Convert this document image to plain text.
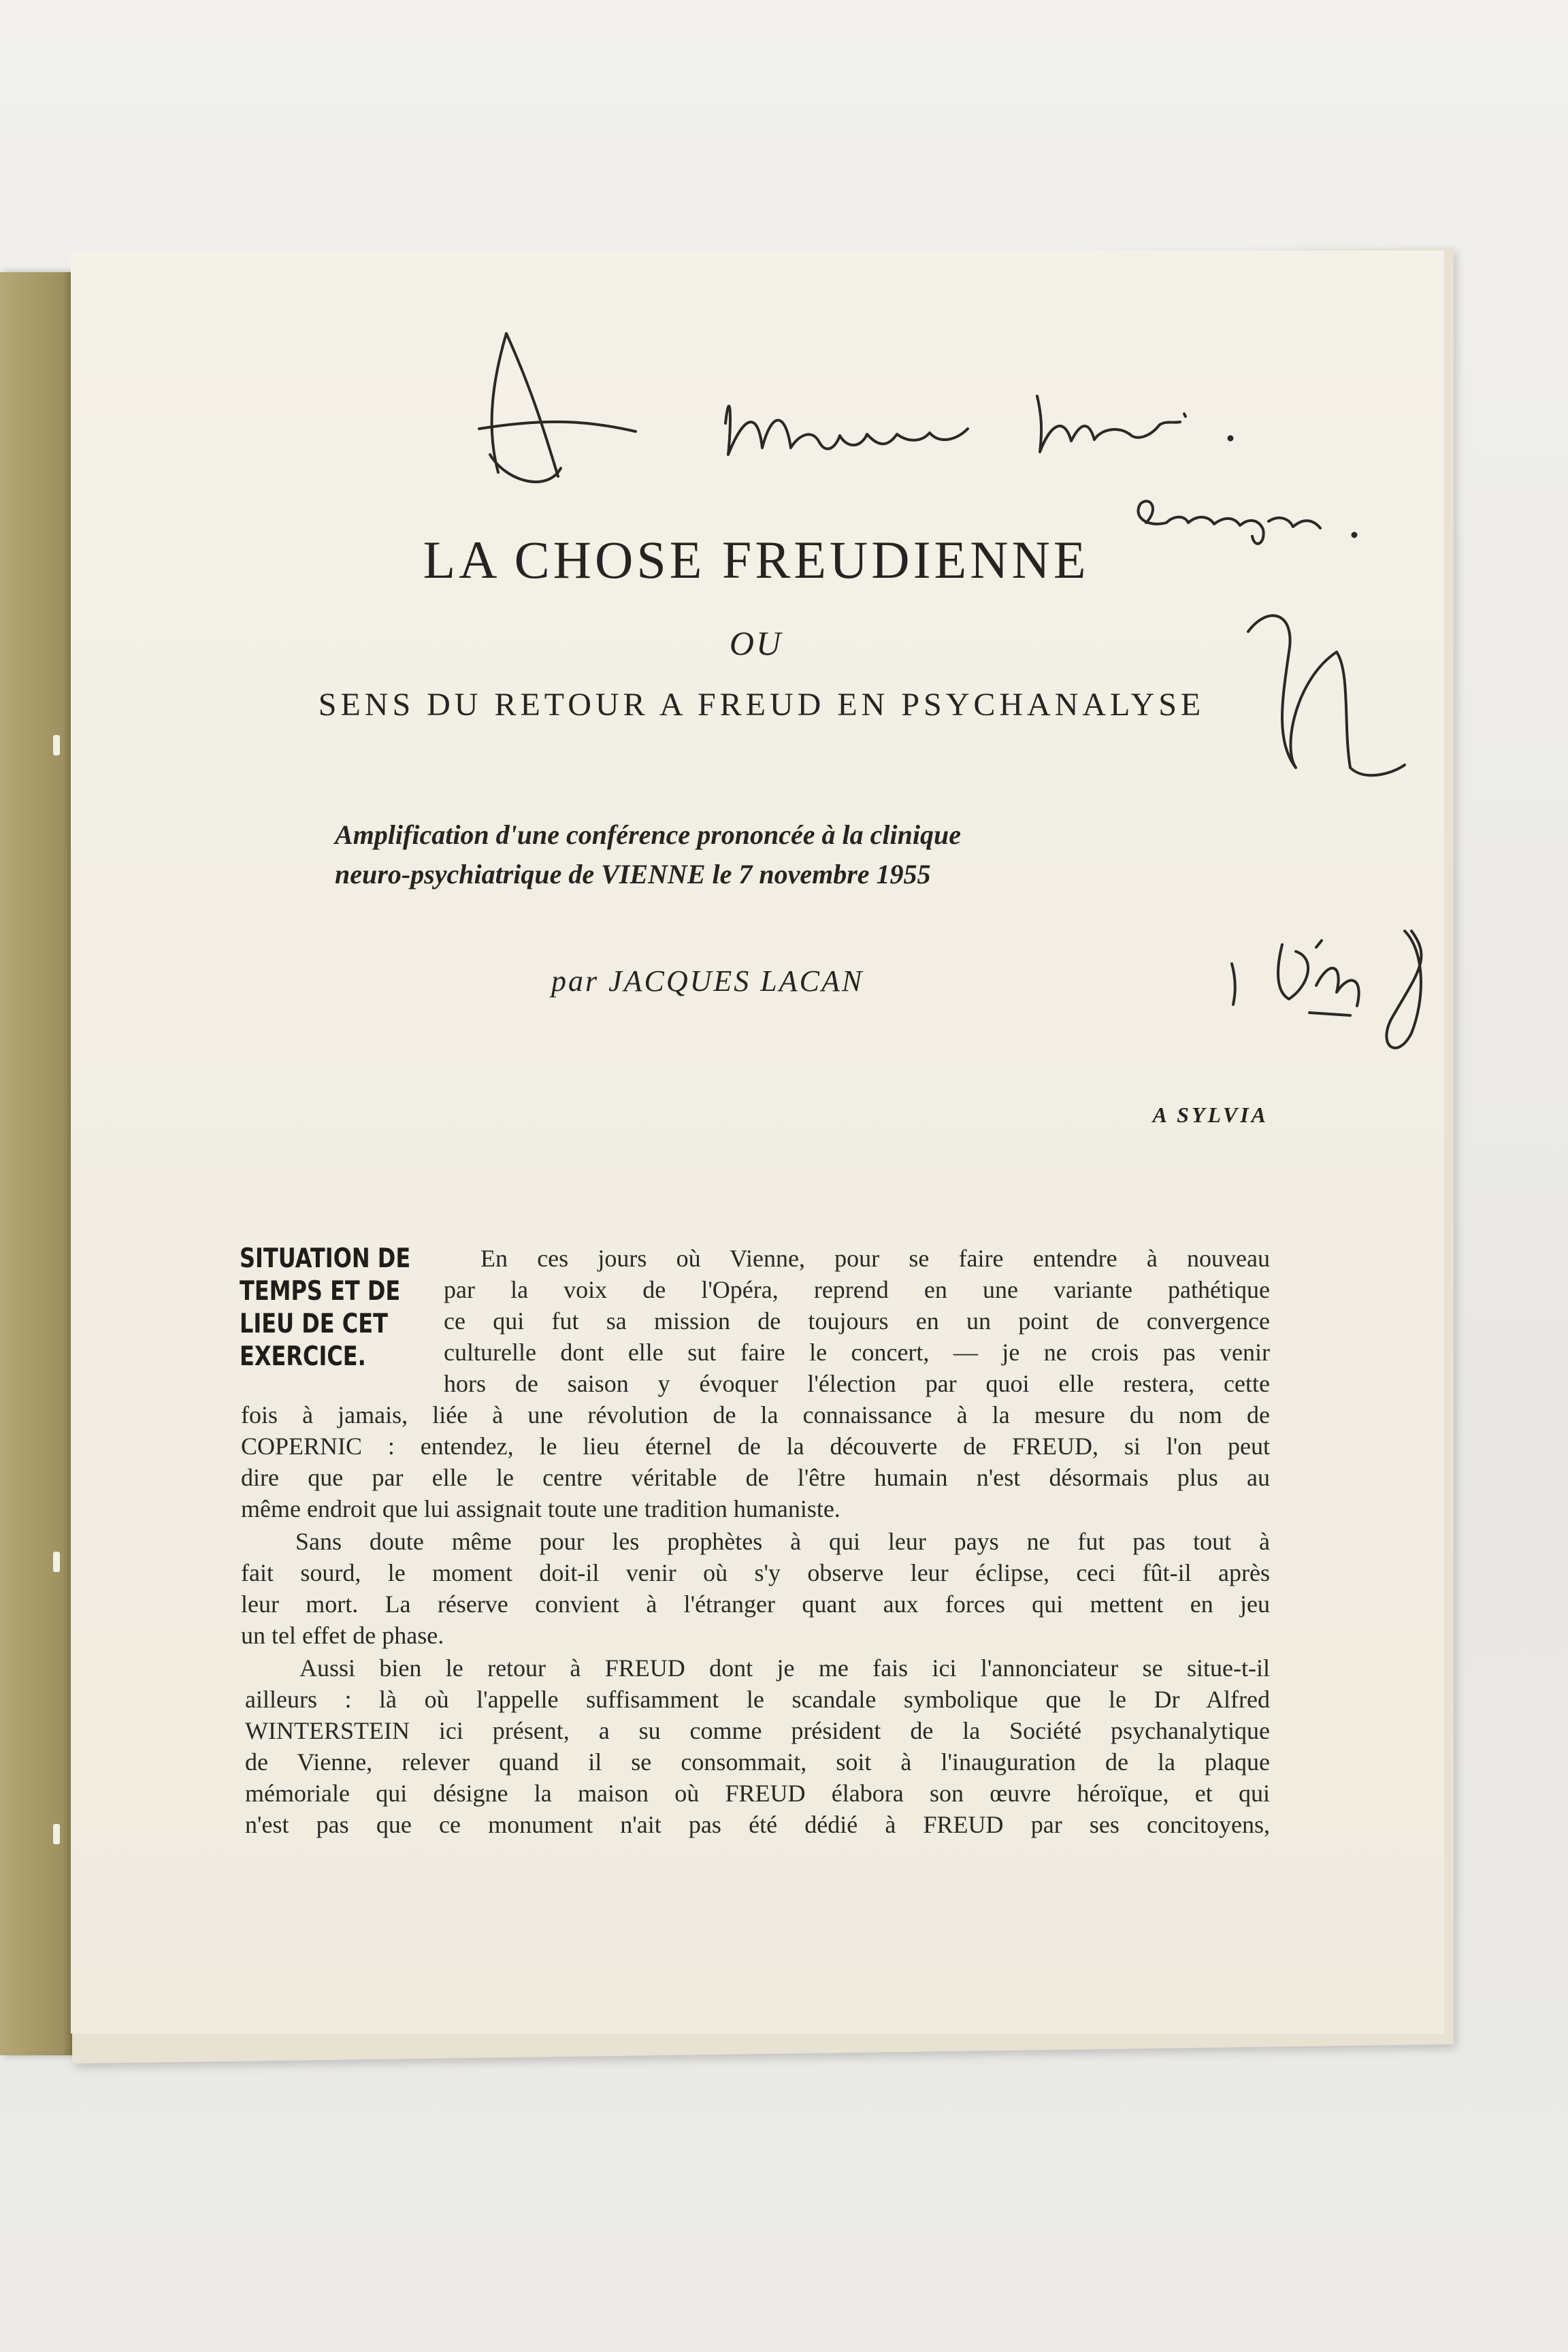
LA CHOSE FREUDIENNE
OU
SENS DU RETOUR A FREUD EN PSYCHANALYSE
Amplification d'une conférence prononcée à la clinique
neuro-psychiatrique de VIENNE le 7 novembre 1955
par JACQUES LACAN
A SYLVIA
SITUATION DE
TEMPS ET DE
LIEU DE CET
EXERCICE.
En ces jours où Vienne, pour se faire entendre à nouveau
par la voix de l'Opéra, reprend en une variante pathétique
ce qui fut sa mission de toujours en un point de convergence
culturelle dont elle sut faire le concert, — je ne crois pas venir
hors de saison y évoquer l'élection par quoi elle restera, cette
fois à jamais, liée à une révolution de la connaissance à la mesure du nom de
COPERNIC : entendez, le lieu éternel de la découverte de FREUD, si l'on peut
dire que par elle le centre véritable de l'être humain n'est désormais plus au
même endroit que lui assignait toute une tradition humaniste.
Sans doute même pour les prophètes à qui leur pays ne fut pas tout à
fait sourd, le moment doit-il venir où s'y observe leur éclipse, ceci fût-il après
leur mort. La réserve convient à l'étranger quant aux forces qui mettent en jeu
un tel effet de phase.
Aussi bien le retour à FREUD dont je me fais ici l'annonciateur se situe-t-il
ailleurs : là où l'appelle suffisamment le scandale symbolique que le Dr Alfred
WINTERSTEIN ici présent, a su comme président de la Société psychanalytique
de Vienne, relever quand il se consommait, soit à l'inauguration de la plaque
mémoriale qui désigne la maison où FREUD élabora son œuvre héroïque, et qui
n'est pas que ce monument n'ait pas été dédié à FREUD par ses concitoyens,
